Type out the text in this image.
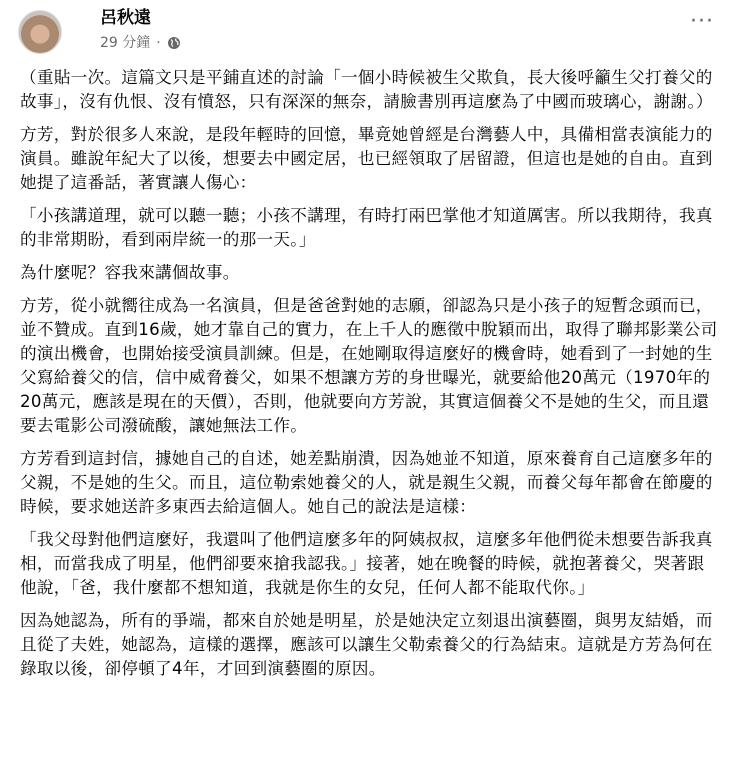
呂秋遠
29 分鐘 ·
···

（重貼一次。這篇文只是平鋪直述的討論「一個小時候被生父欺負，長大後呼籲生父打養父的故事」，沒有仇恨、沒有憤怒，只有深深的無奈，請臉書別再這麼為了中國而玻璃心，謝謝。）

方芳，對於很多人來說，是段年輕時的回憶，畢竟她曾經是台灣藝人中，具備相當表演能力的演員。雖說年紀大了以後，想要去中國定居，也已經領取了居留證，但這也是她的自由。直到她提了這番話，著實讓人傷心：

「小孩講道理，就可以聽一聽；小孩不講理，有時打兩巴掌他才知道厲害。所以我期待，我真的非常期盼，看到兩岸統一的那一天。」

為什麼呢？容我來講個故事。

方芳，從小就嚮往成為一名演員，但是爸爸對她的志願，卻認為只是小孩子的短暫念頭而已，並不贊成。直到16歲，她才靠自己的實力，在上千人的應徵中脫穎而出，取得了聯邦影業公司的演出機會，也開始接受演員訓練。但是，在她剛取得這麼好的機會時，她看到了一封她的生父寫給養父的信，信中威脅養父，如果不想讓方芳的身世曝光，就要給他20萬元（1970年的20萬元，應該是現在的天價），否則，他就要向方芳說，其實這個養父不是她的生父，而且還要去電影公司潑硫酸，讓她無法工作。

方芳看到這封信，據她自己的自述，她差點崩潰，因為她並不知道，原來養育自己這麼多年的父親，不是她的生父。而且，這位勒索她養父的人，就是親生父親，而養父每年都會在節慶的時候，要求她送許多東西去給這個人。她自己的說法是這樣：

「我父母對他們這麼好，我還叫了他們這麼多年的阿姨叔叔，這麼多年他們從未想要告訴我真相，而當我成了明星，他們卻要來搶我認我。」接著，她在晚餐的時候，就抱著養父，哭著跟他說，「爸，我什麼都不想知道，我就是你生的女兒，任何人都不能取代你。」

因為她認為，所有的爭端，都來自於她是明星，於是她決定立刻退出演藝圈，與男友結婚，而且從了夫姓，她認為，這樣的選擇，應該可以讓生父勒索養父的行為結束。這就是方芳為何在錄取以後，卻停頓了4年，才回到演藝圈的原因。
